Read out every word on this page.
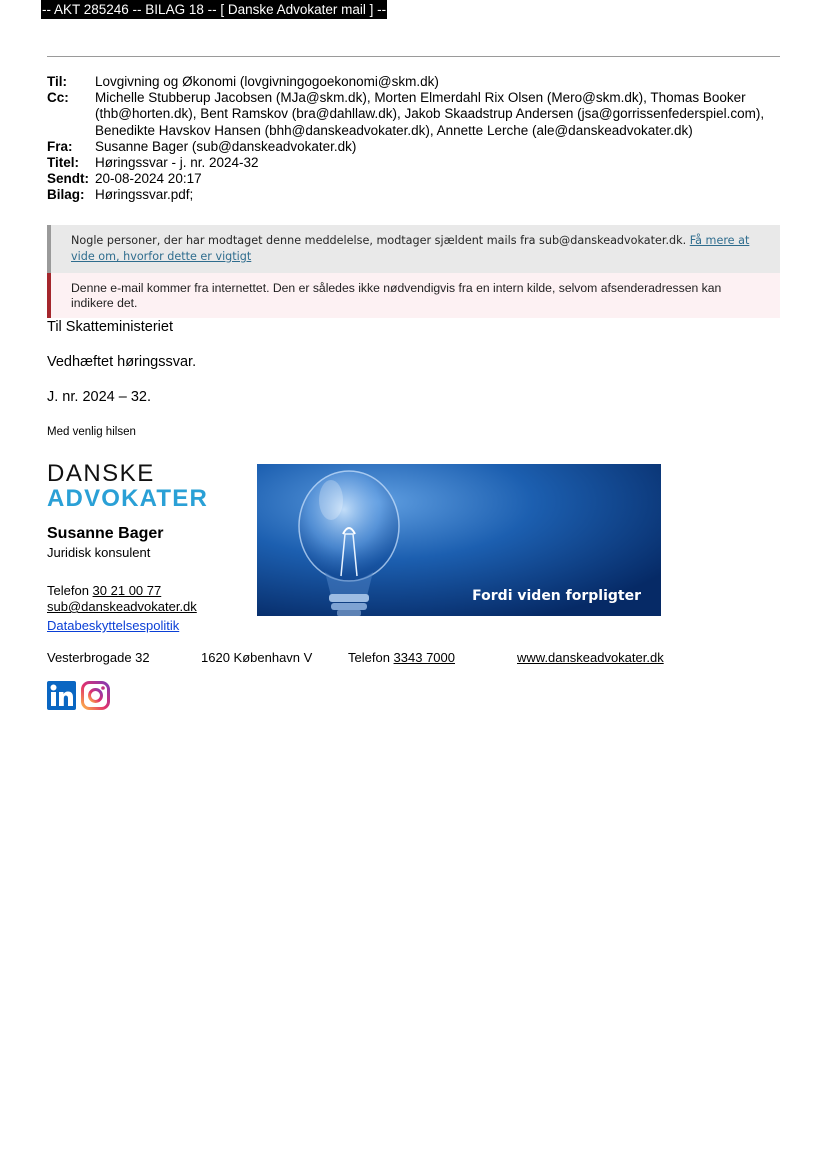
-- AKT 285246 -- BILAG 18 -- [ Danske Advokater mail ] --
Til:	Lovgivning og Økonomi (lovgivningogoekonomi@skm.dk)
Cc:	Michelle Stubberup Jacobsen (MJa@skm.dk), Morten Elmerdahl Rix Olsen (Mero@skm.dk), Thomas Booker (thb@horten.dk), Bent Ramskov (bra@dahllaw.dk), Jakob Skaadstrup Andersen (jsa@gorrissenfederspiel.com), Benedikte Havskov Hansen (bhh@danskeadvokater.dk), Annette Lerche (ale@danskeadvokater.dk)
Fra:	Susanne Bager (sub@danskeadvokater.dk)
Titel:	Høringssvar - j. nr. 2024-32
Sendt: 20-08-2024 20:17
Bilag: Høringssvar.pdf;
Nogle personer, der har modtaget denne meddelelse, modtager sjældent mails fra sub@danskeadvokater.dk. Få mere at vide om, hvorfor dette er vigtigt
Denne e-mail kommer fra internettet. Den er således ikke nødvendigvis fra en intern kilde, selvom afsenderadressen kan indikere det.
Til Skatteministeriet
Vedhæftet høringssvar.
J. nr. 2024 – 32.
Med venlig hilsen
DANSKE
ADVOKATER
Susanne Bager
Juridisk konsulent
Telefon 30 21 00 77
sub@danskeadvokater.dk
Databeskyttelsespolitik
Fordi viden forpligter
Vesterbrogade 32	1620 København V	Telefon 3343 7000	www.danskeadvokater.dk
